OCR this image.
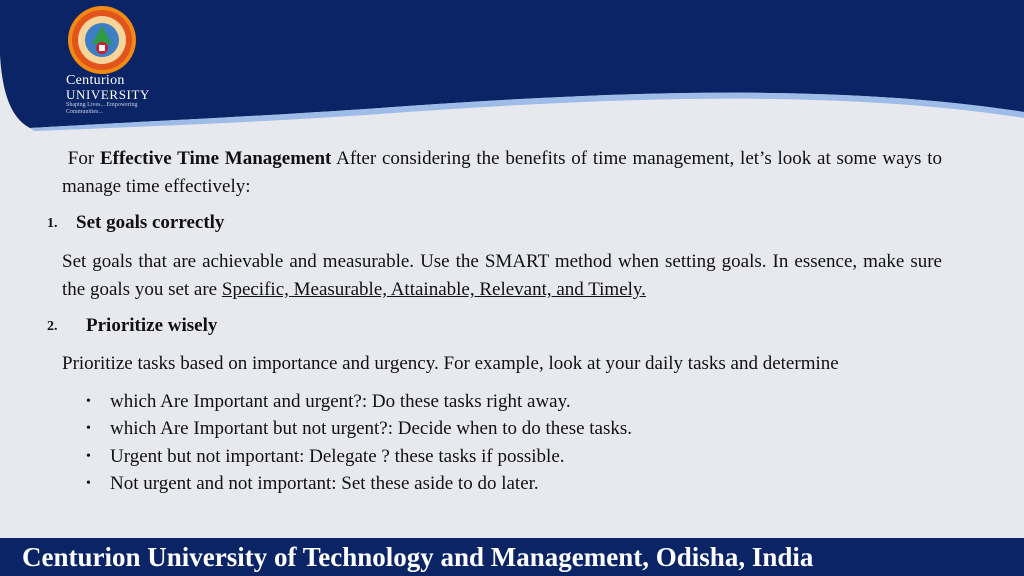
Centurion
UNIVERSITY
Shaping Lives... Empowering Communities...
For Effective Time Management After considering the benefits of time management, let’s look at some ways to manage time effectively:
1. Set goals correctly
Set goals that are achievable and measurable. Use the SMART method when setting goals. In essence, make sure the goals you set are Specific, Measurable, Attainable, Relevant, and Timely.
2. Prioritize wisely
Prioritize tasks based on importance and urgency. For example, look at your daily tasks and determine
• which Are Important and urgent?: Do these tasks right away.
• which Are Important but not urgent?: Decide when to do these tasks.
• Urgent but not important: Delegate ? these tasks if possible.
• Not urgent and not important: Set these aside to do later.
Centurion University of Technology and Management, Odisha, India
